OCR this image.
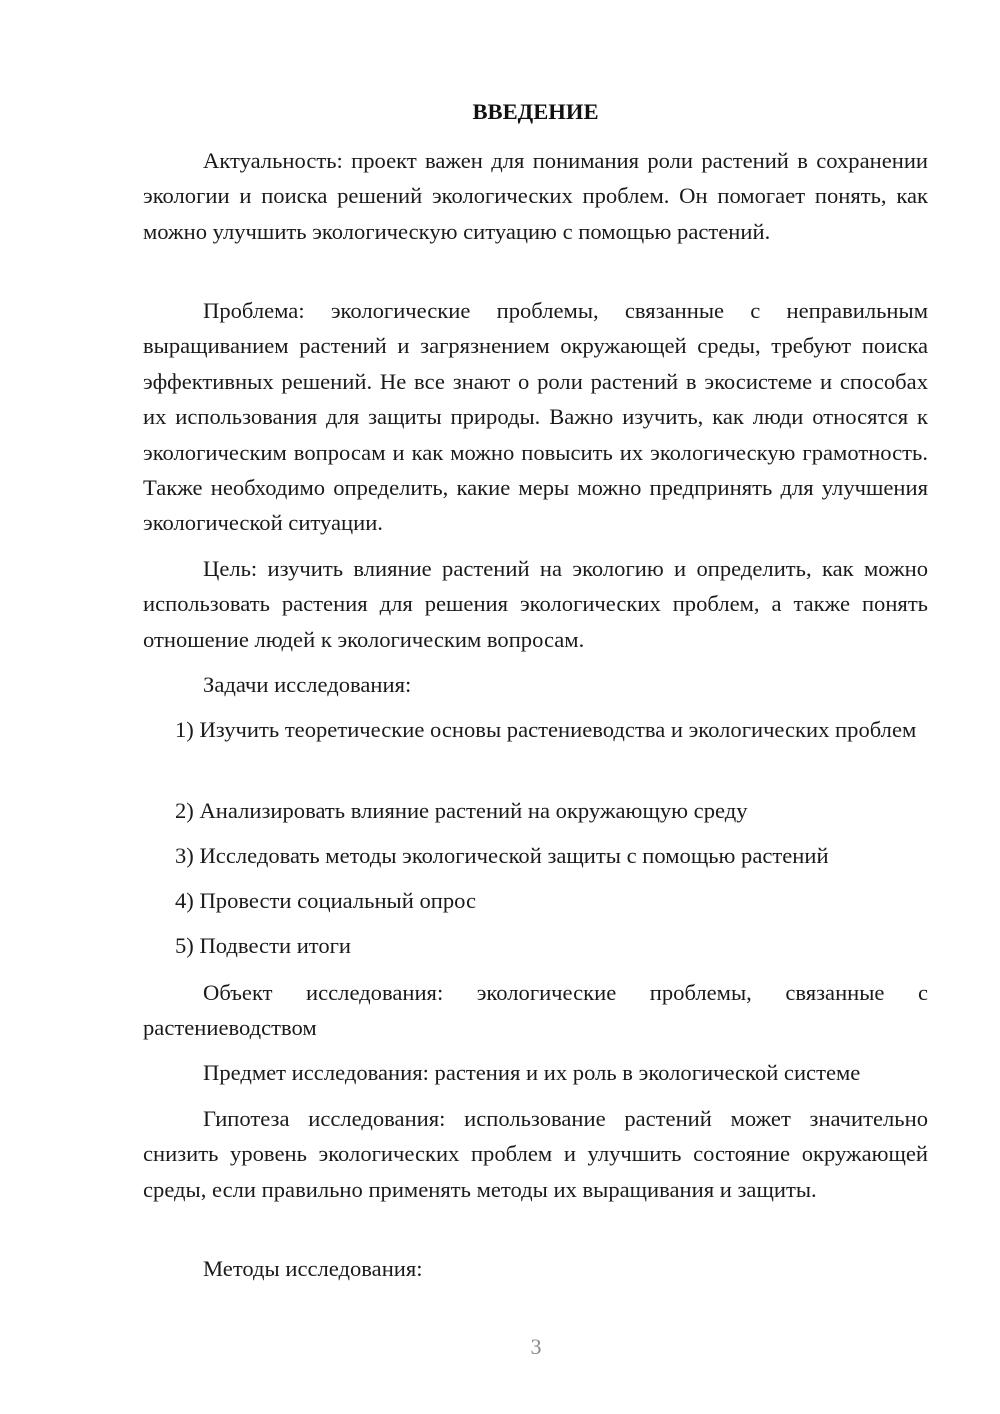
ВВЕДЕНИЕ

Актуальность: проект важен для понимания роли растений в сохранении экологии и поиска решений экологических проблем. Он помогает понять, как можно улучшить экологическую ситуацию с помощью растений.

Проблема: экологические проблемы, связанные с неправильным выращиванием растений и загрязнением окружающей среды, требуют поиска эффективных решений. Не все знают о роли растений в экосистеме и способах их использования для защиты природы. Важно изучить, как люди относятся к экологическим вопросам и как можно повысить их экологическую грамотность. Также необходимо определить, какие меры можно предпринять для улучшения экологической ситуации.

Цель: изучить влияние растений на экологию и определить, как можно использовать растения для решения экологических проблем, а также понять отношение людей к экологическим вопросам.

Задачи исследования:

1) Изучить теоретические основы растениеводства и экологических проблем

2) Анализировать влияние растений на окружающую среду

3) Исследовать методы экологической защиты с помощью растений

4) Провести социальный опрос

5) Подвести итоги

Объект исследования: экологические проблемы, связанные с растениеводством

Предмет исследования: растения и их роль в экологической системе

Гипотеза исследования: использование растений может значительно снизить уровень экологических проблем и улучшить состояние окружающей среды, если правильно применять методы их выращивания и защиты.

Методы исследования:

3
